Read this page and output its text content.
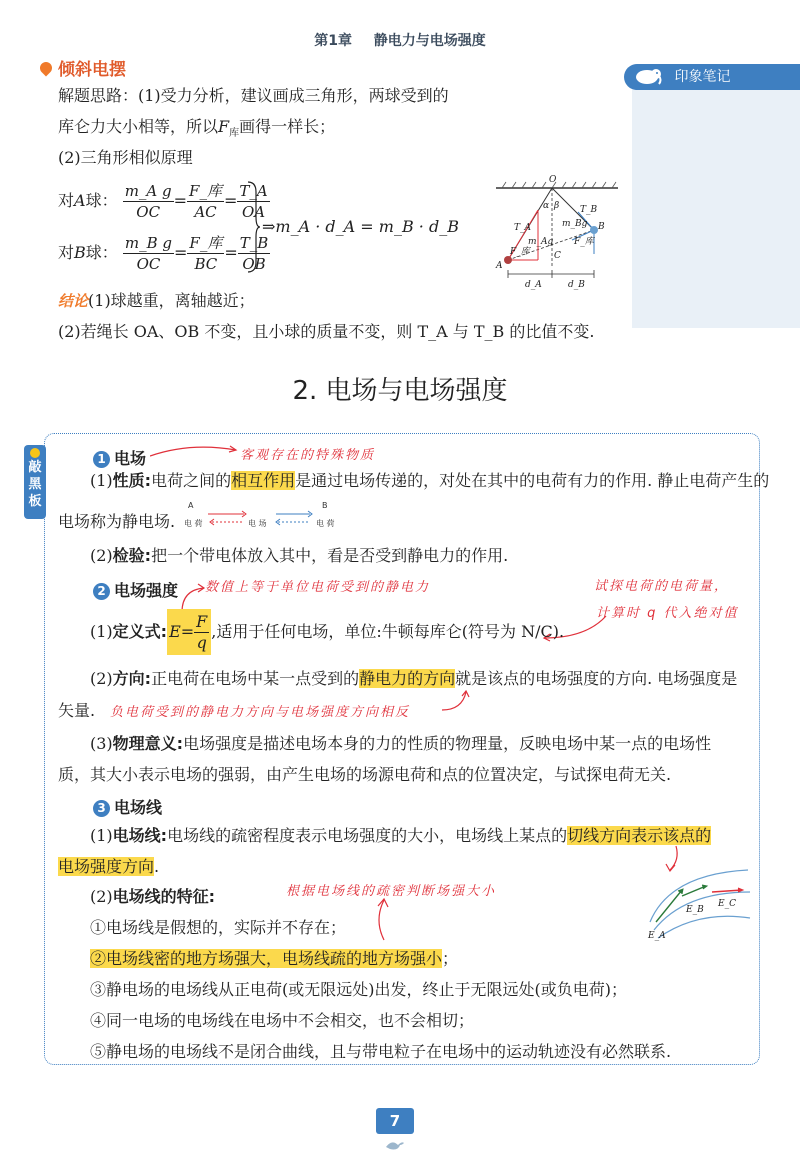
第1章 静电力与电场强度
印象笔记
倾斜电摆
解题思路：(1)受力分析，建议画成三角形，两球受到的
库仑力大小相等，所以$F_库$画得一样长；
(2)三角形相似原理
对A球： $\frac{\text{m\_A g}}{OC} = \frac{\text{F\_库}}{AC} = \frac{T\_A}{OA}$
对B球： $\frac{\text{m\_B g}}{OC} = \frac{\text{F\_库}}{BC} = \frac{T\_B}{OB}$
⇒m_A · d_A = m_B · d_B
O
A
B
C
α β
T_A
T_B
m_Ag
m_Bg
F_库
F_库
d_A	d_B
结论(1)球越重，离轴越近；
(2)若绳长 OA、OB 不变，且小球的质量不变，则 T_A 与 T_B 的比值不变.
2. 电场与电场强度
敲黑板
1 电场	客观存在的特殊物质
(1)性质:电荷之间的相互作用是通过电场传递的，对处在其中的电荷有力的作用. 静止电荷产生的
电场称为静电场.
A	B
电 荷	电 场	电 荷
(2)检验:把一个带电体放入其中，看是否受到静电力的作用.
2 电场强度 数值上等于单位电荷受到的静电力	试探电荷的电荷量，
计算时 q 代入绝对值
(1)定义式: $E= \frac{F}{q}$ ,适用于任何电场，单位:牛顿每库仑(符号为 N/C).
(2)方向:正电荷在电场中某一点受到的静电力的方向就是该点的电场强度的方向. 电场强度是
矢量. 负电荷受到的静电力方向与电场强度方向相反
(3)物理意义:电场强度是描述电场本身的力的性质的物理量，反映电场中某一点的电场性
质，其大小表示电场的强弱，由产生电场的场源电荷和点的位置决定，与试探电荷无关.
3 电场线
(1)电场线:电场线的疏密程度表示电场强度的大小，电场线上某点的切线方向表示该点的
电场强度方向.
(2)电场线的特征:	根据电场线的疏密判断场强大小
①电场线是假想的，实际并不存在；
②电场线密的地方场强大，电场线疏的地方场强小；
③静电场的电场线从正电荷(或无限远处)出发，终止于无限远处(或负电荷)；
④同一电场的电场线在电场中不会相交，也不会相切；
⑤静电场的电场线不是闭合曲线，且与带电粒子在电场中的运动轨迹没有必然联系.
E_A
E_B
E_C
7
